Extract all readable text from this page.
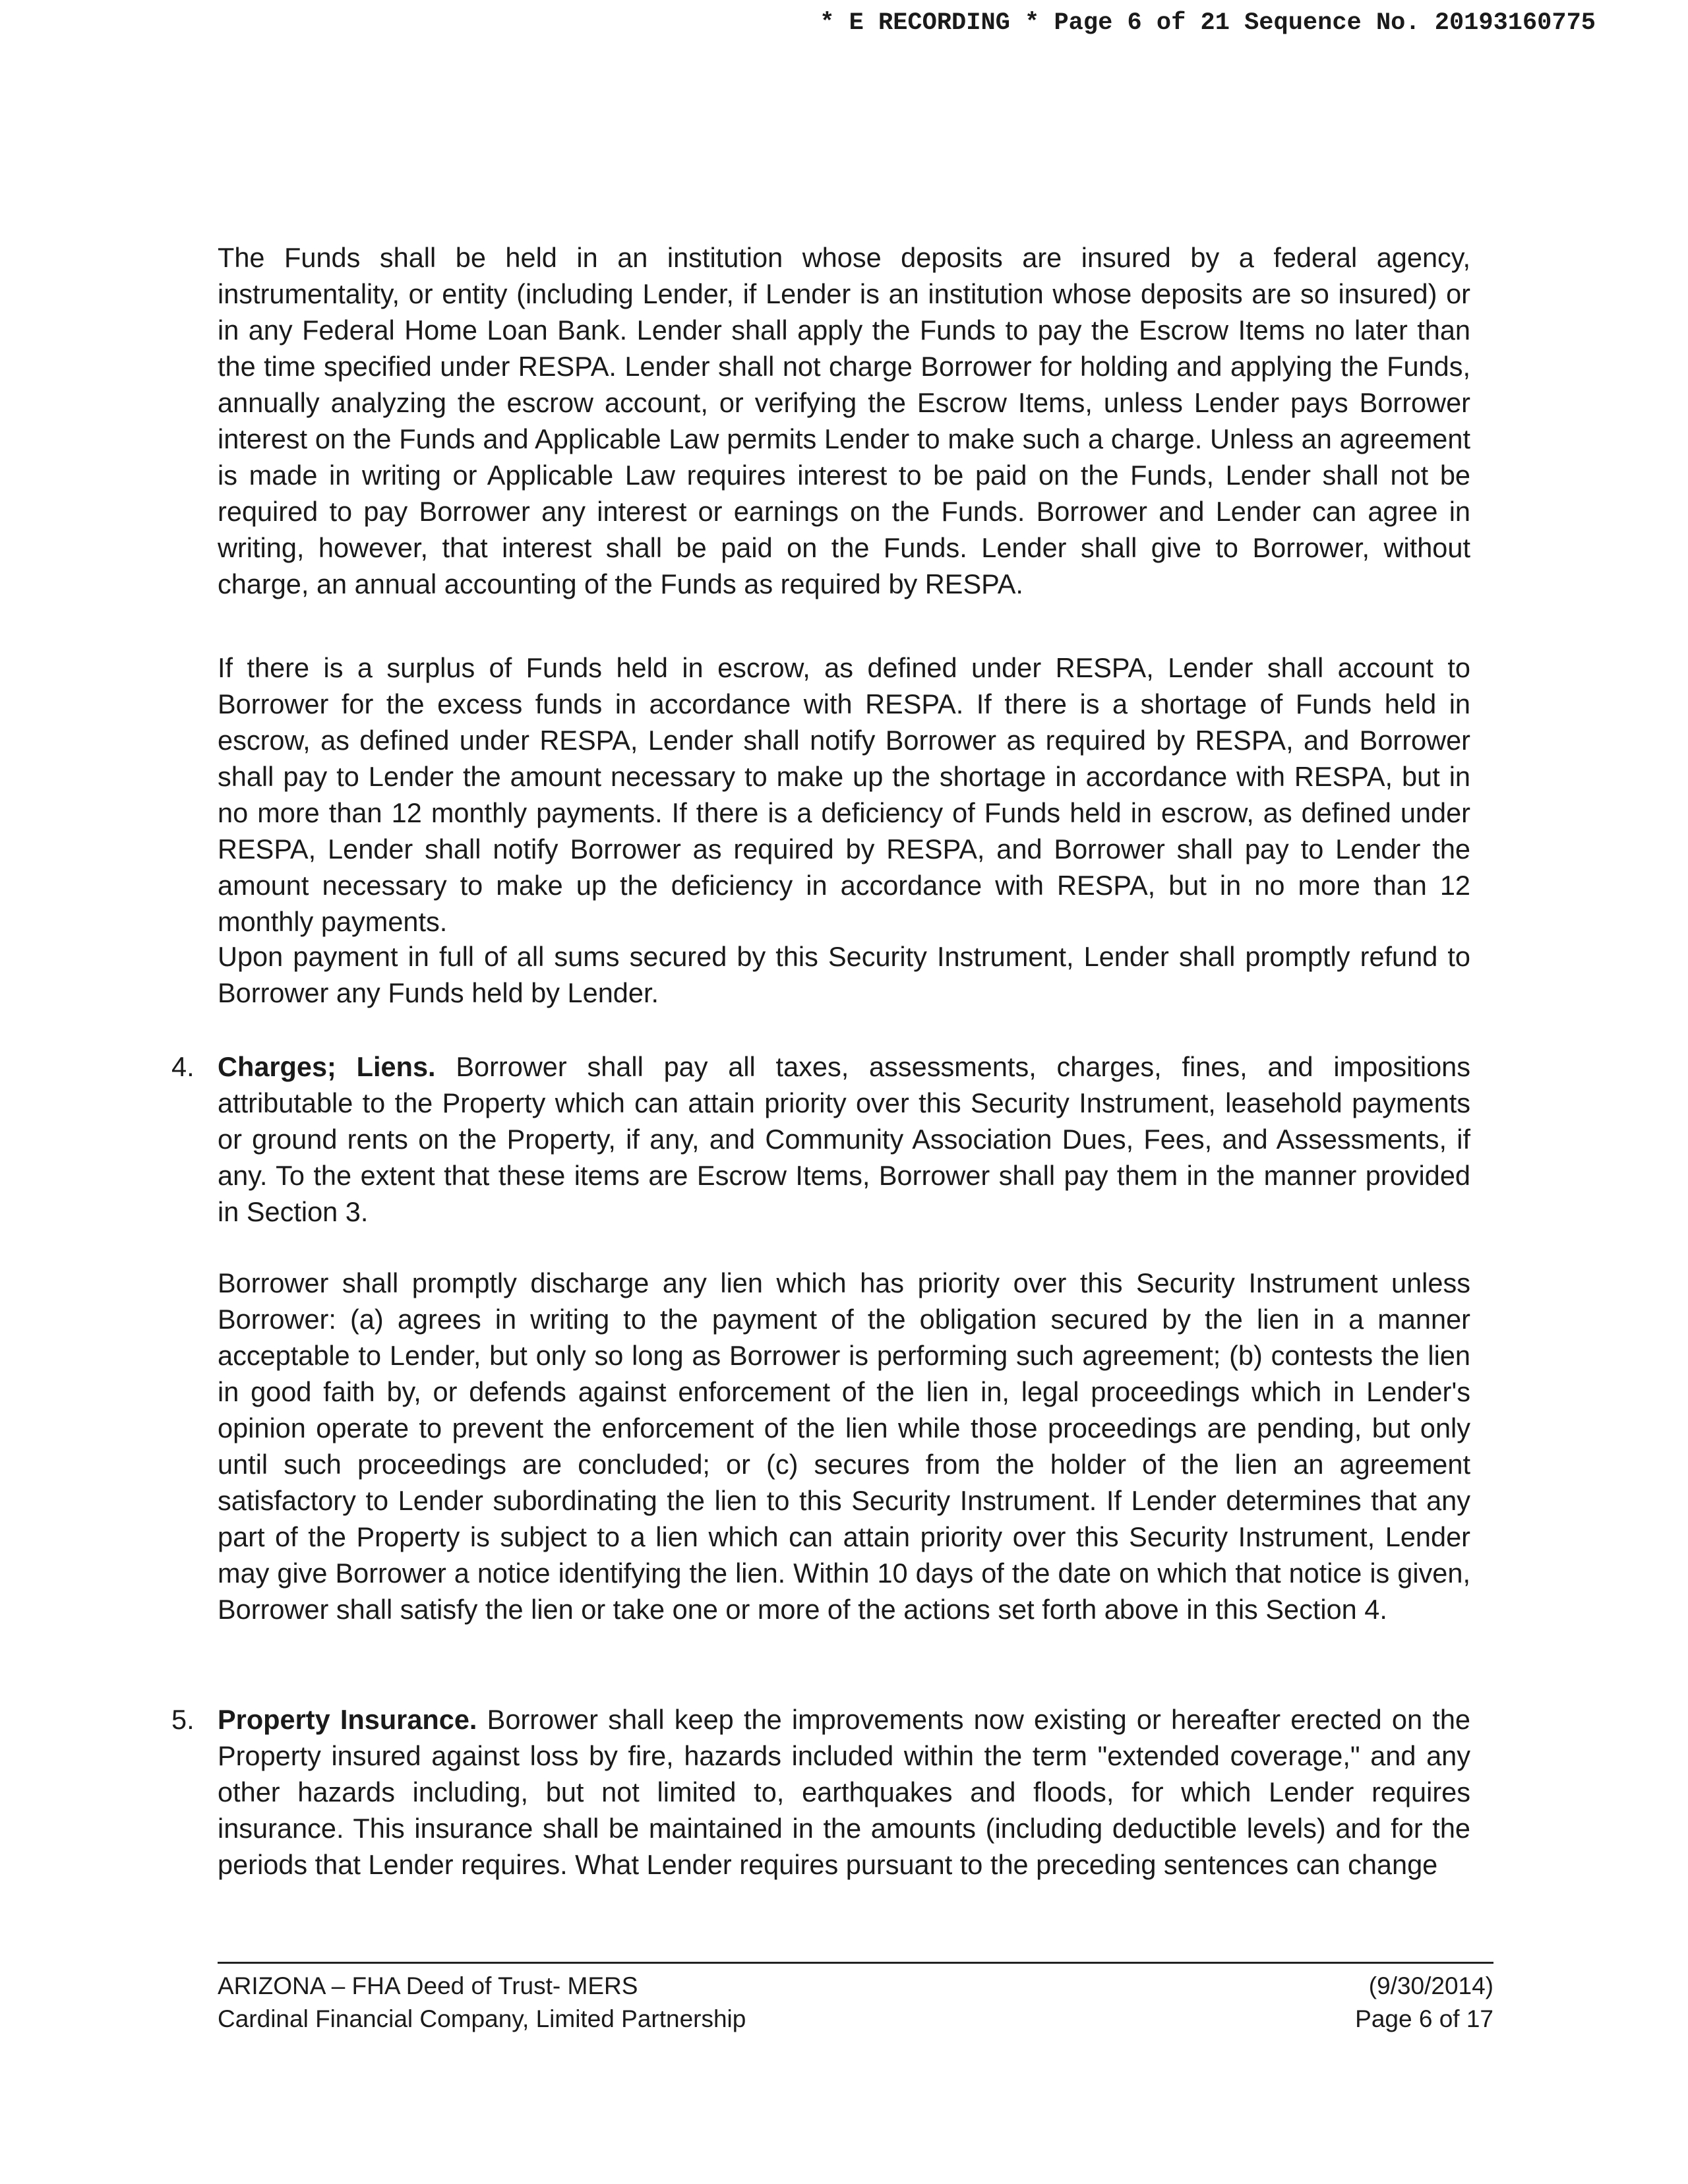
* E RECORDING * Page 6 of 21 Sequence No. 20193160775

The Funds shall be held in an institution whose deposits are insured by a federal agency, instrumentality, or entity (including Lender, if Lender is an institution whose deposits are so insured) or in any Federal Home Loan Bank. Lender shall apply the Funds to pay the Escrow Items no later than the time specified under RESPA. Lender shall not charge Borrower for holding and applying the Funds, annually analyzing the escrow account, or verifying the Escrow Items, unless Lender pays Borrower interest on the Funds and Applicable Law permits Lender to make such a charge. Unless an agreement is made in writing or Applicable Law requires interest to be paid on the Funds, Lender shall not be required to pay Borrower any interest or earnings on the Funds. Borrower and Lender can agree in writing, however, that interest shall be paid on the Funds. Lender shall give to Borrower, without charge, an annual accounting of the Funds as required by RESPA.

If there is a surplus of Funds held in escrow, as defined under RESPA, Lender shall account to Borrower for the excess funds in accordance with RESPA. If there is a shortage of Funds held in escrow, as defined under RESPA, Lender shall notify Borrower as required by RESPA, and Borrower shall pay to Lender the amount necessary to make up the shortage in accordance with RESPA, but in no more than 12 monthly payments. If there is a deficiency of Funds held in escrow, as defined under RESPA, Lender shall notify Borrower as required by RESPA, and Borrower shall pay to Lender the amount necessary to make up the deficiency in accordance with RESPA, but in no more than 12 monthly payments.

Upon payment in full of all sums secured by this Security Instrument, Lender shall promptly refund to Borrower any Funds held by Lender.

4. Charges; Liens. Borrower shall pay all taxes, assessments, charges, fines, and impositions attributable to the Property which can attain priority over this Security Instrument, leasehold payments or ground rents on the Property, if any, and Community Association Dues, Fees, and Assessments, if any. To the extent that these items are Escrow Items, Borrower shall pay them in the manner provided in Section 3.

Borrower shall promptly discharge any lien which has priority over this Security Instrument unless Borrower: (a) agrees in writing to the payment of the obligation secured by the lien in a manner acceptable to Lender, but only so long as Borrower is performing such agreement; (b) contests the lien in good faith by, or defends against enforcement of the lien in, legal proceedings which in Lender's opinion operate to prevent the enforcement of the lien while those proceedings are pending, but only until such proceedings are concluded; or (c) secures from the holder of the lien an agreement satisfactory to Lender subordinating the lien to this Security Instrument. If Lender determines that any part of the Property is subject to a lien which can attain priority over this Security Instrument, Lender may give Borrower a notice identifying the lien. Within 10 days of the date on which that notice is given, Borrower shall satisfy the lien or take one or more of the actions set forth above in this Section 4.

5. Property Insurance. Borrower shall keep the improvements now existing or hereafter erected on the Property insured against loss by fire, hazards included within the term "extended coverage," and any other hazards including, but not limited to, earthquakes and floods, for which Lender requires insurance. This insurance shall be maintained in the amounts (including deductible levels) and for the periods that Lender requires. What Lender requires pursuant to the preceding sentences can change
ARIZONA – FHA Deed of Trust- MERS
Cardinal Financial Company, Limited Partnership
(9/30/2014)
Page 6 of 17
